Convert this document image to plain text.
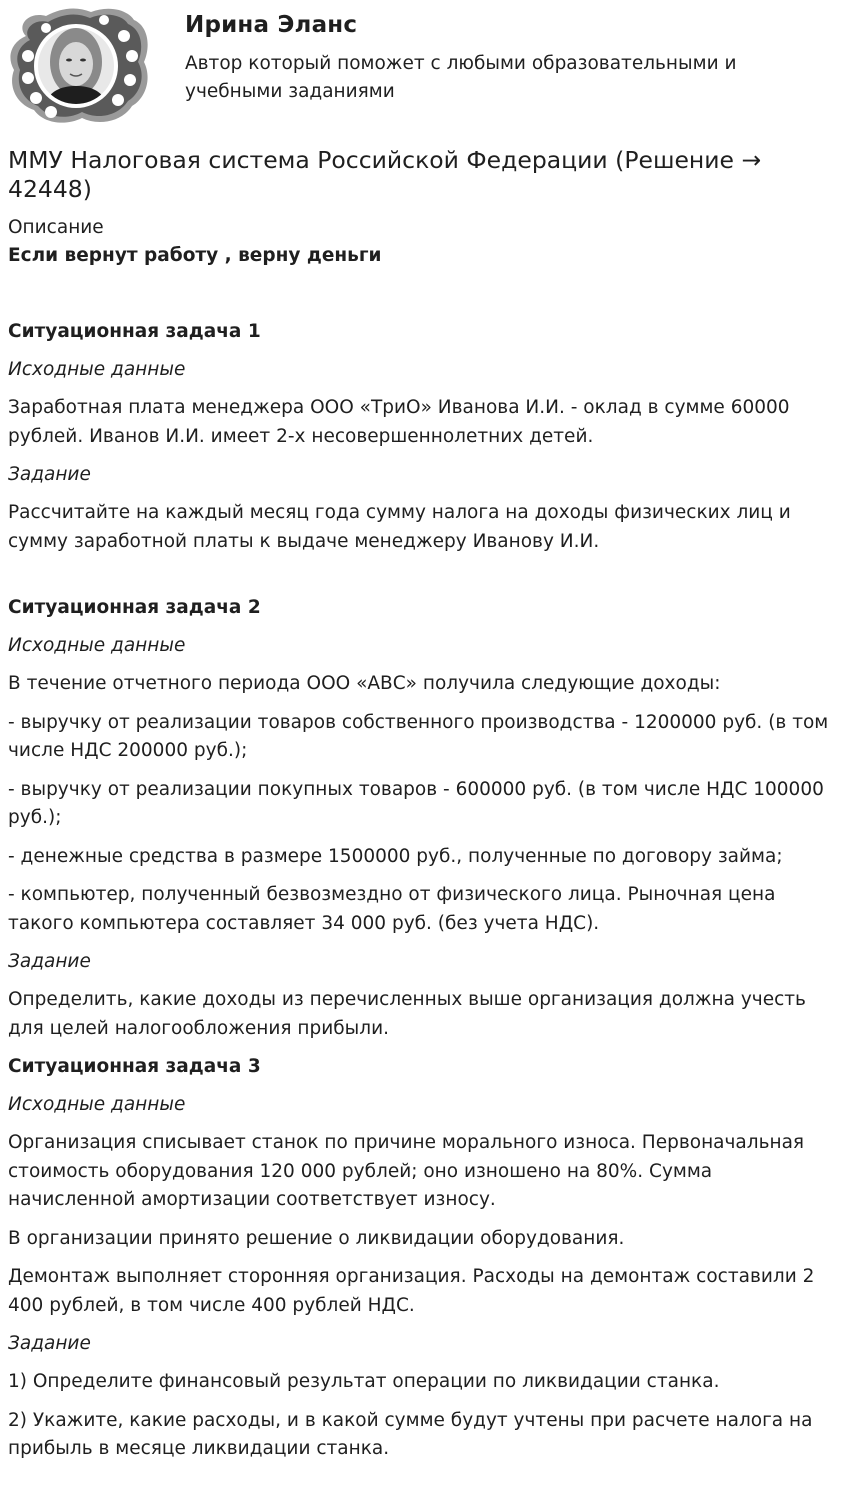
Ирина Эланс
Автор который поможет с любыми образовательными и учебными заданиями
ММУ Налоговая система Российской Федерации (Решение → 42448)

Описание

Если вернут работу , верну деньги

Ситуационная задача 1

Исходные данные

Заработная плата менеджера ООО «ТриО» Иванова И.И. - оклад в сумме 60000 рублей. Иванов И.И. имеет 2-х несовершеннолетних детей.

Задание

Рассчитайте на каждый месяц года сумму налога на доходы физических лиц и сумму заработной платы к выдаче менеджеру Иванову И.И.

Ситуационная задача 2

Исходные данные

В течение отчетного периода ООО «АВС» получила следующие доходы:

- выручку от реализации товаров собственного производства - 1200000 руб. (в том числе НДС 200000 руб.);

- выручку от реализации покупных товаров - 600000 руб. (в том числе НДС 100000 руб.);

- денежные средства в размере 1500000 руб., полученные по договору займа;

- компьютер, полученный безвозмездно от физического лица. Рыночная цена такого компьютера составляет 34 000 руб. (без учета НДС).

Задание

Определить, какие доходы из перечисленных выше организация должна учесть для целей налогообложения прибыли.

Ситуационная задача 3

Исходные данные

Организация списывает станок по причине морального износа. Первоначальная стоимость оборудования 120 000 рублей; оно изношено на 80%. Сумма начисленной амортизации соответствует износу.

В организации принято решение о ликвидации оборудования.

Демонтаж выполняет сторонняя организация. Расходы на демонтаж составили 2 400 рублей, в том числе 400 рублей НДС.

Задание

1) Определите финансовый результат операции по ликвидации станка.

2) Укажите, какие расходы, и в какой сумме будут учтены при расчете налога на прибыль в месяце ликвидации станка.
